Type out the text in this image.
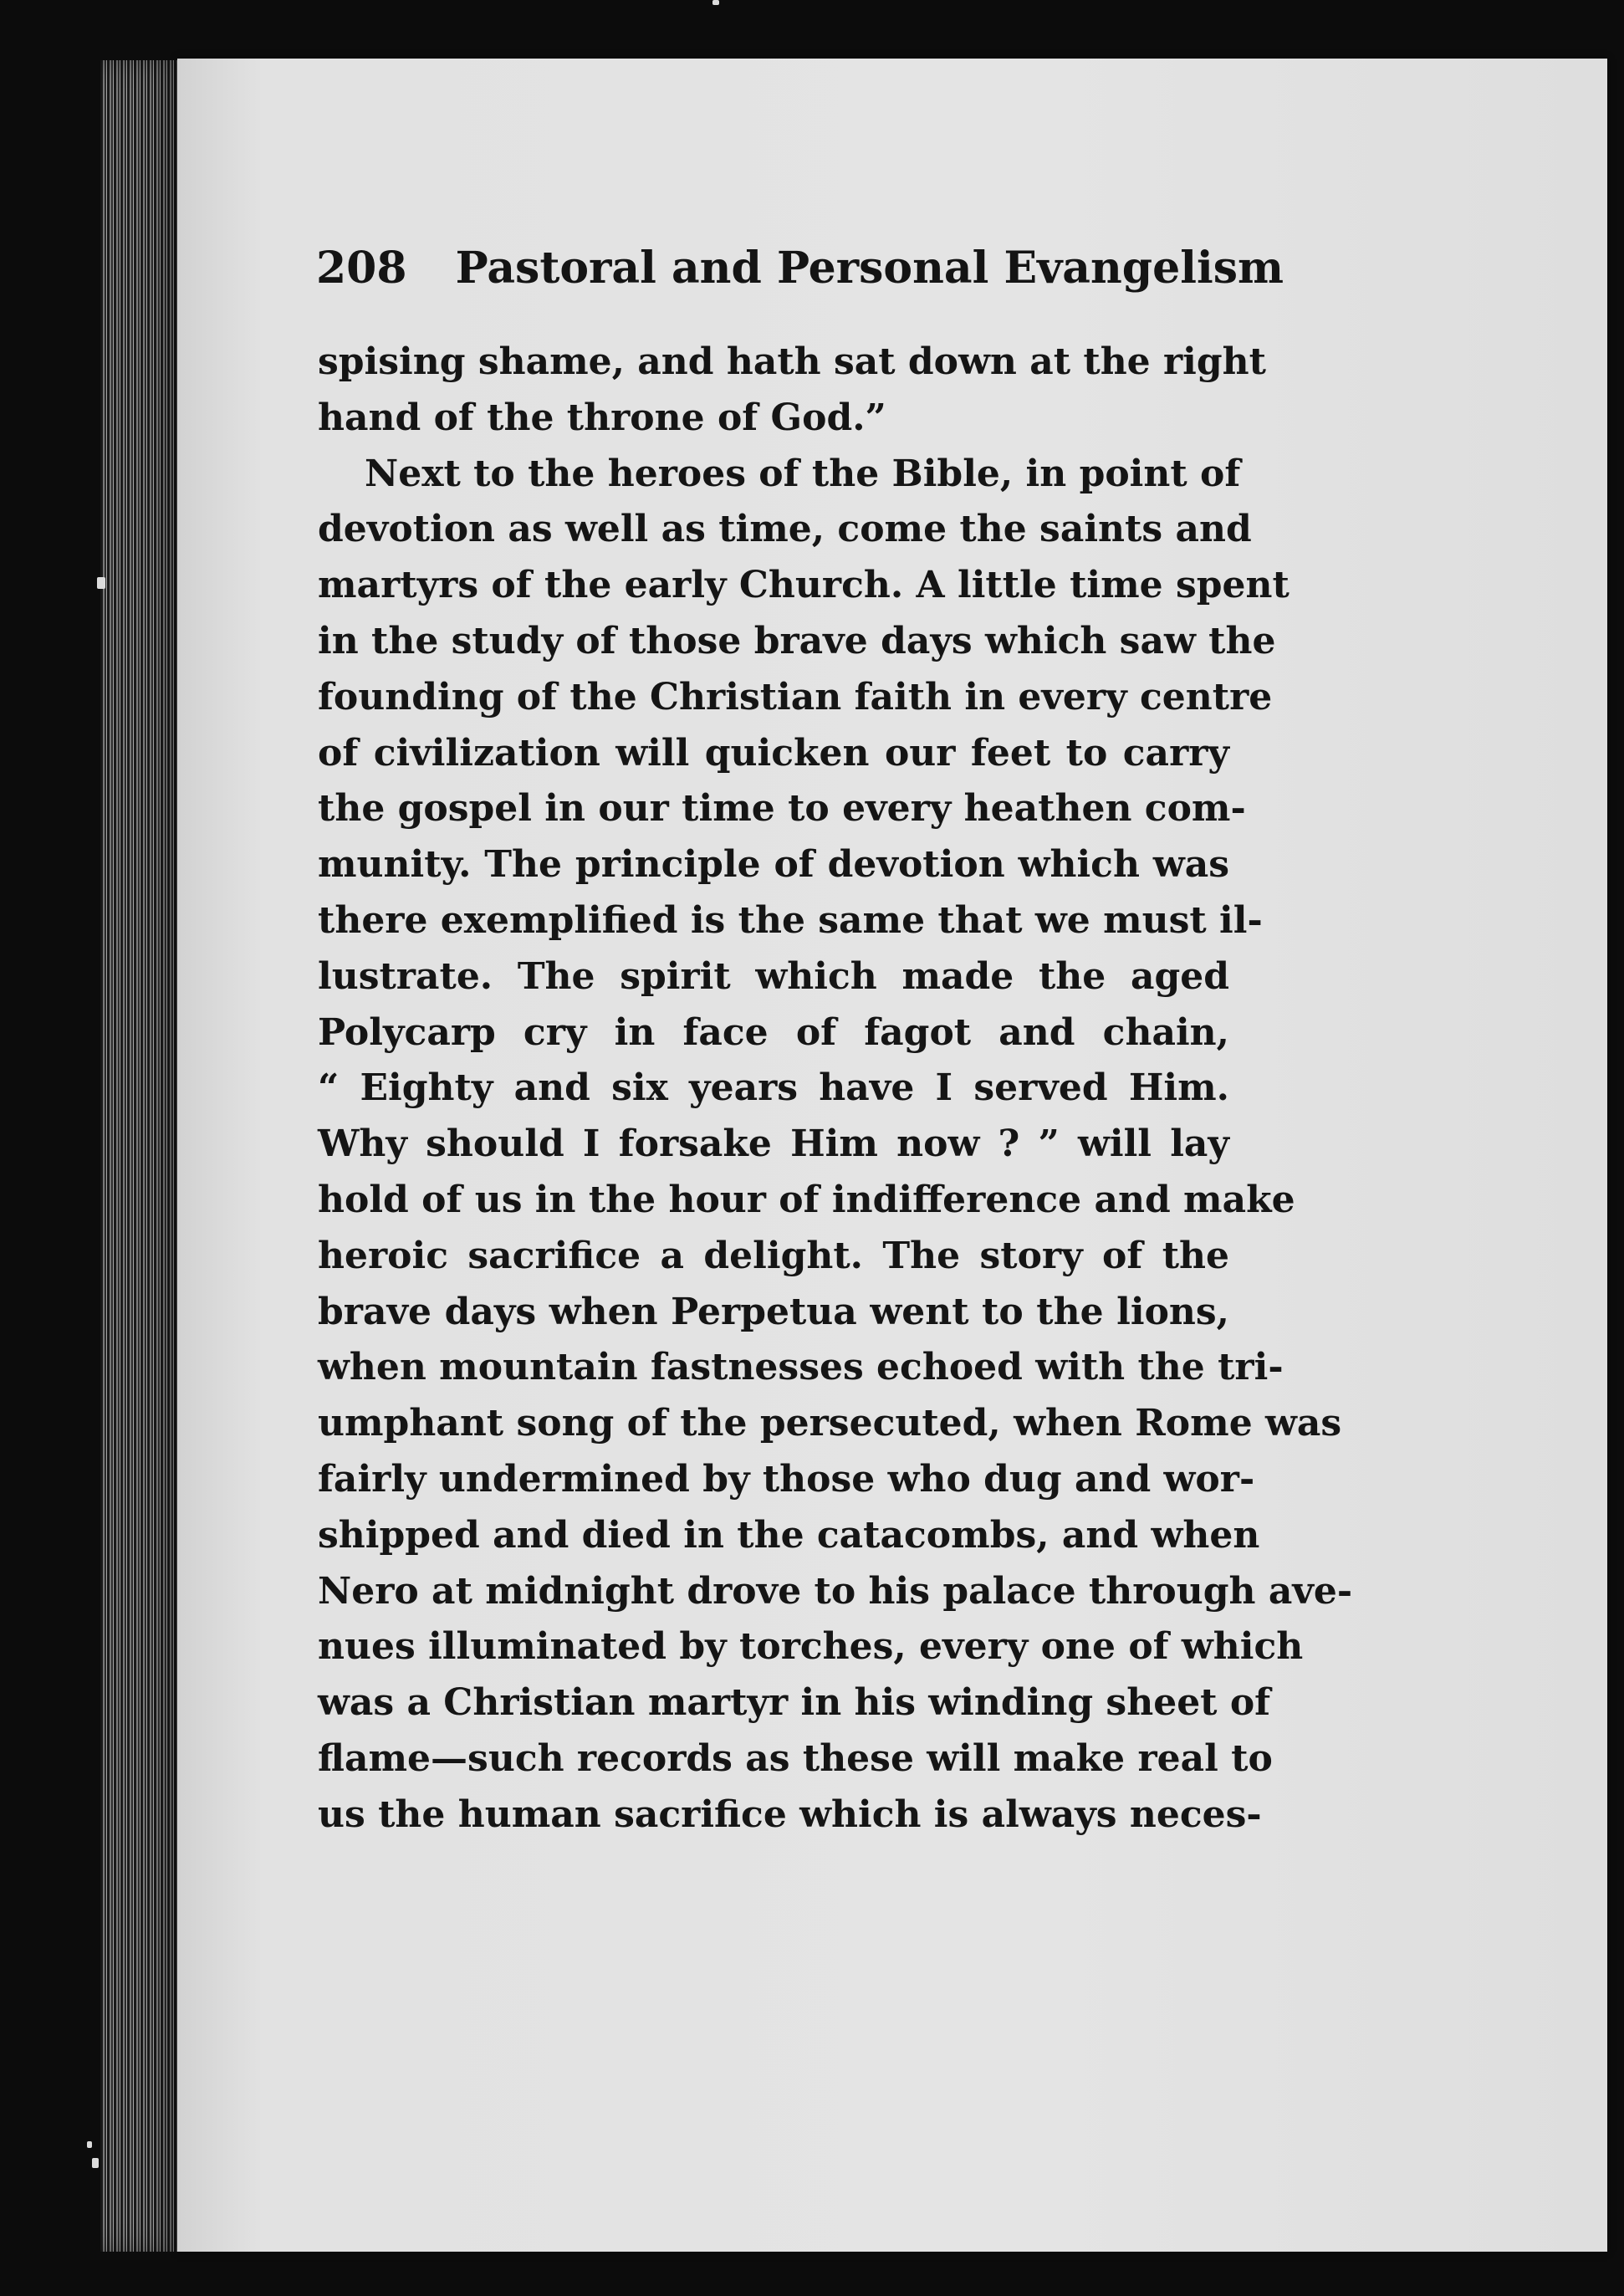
208 Pastoral and Personal Evangelism
spising shame, and hath sat down at the right
hand of the throne of God.”
Next to the heroes of the Bible, in point of
devotion as well as time, come the saints and
martyrs of the early Church. A little time spent
in the study of those brave days which saw the
founding of the Christian faith in every centre
of civilization will quicken our feet to carry
the gospel in our time to every heathen com-
munity. The principle of devotion which was
there exemplified is the same that we must il-
lustrate. The spirit which made the aged
Polycarp cry in face of fagot and chain,
“ Eighty and six years have I served Him.
Why should I forsake Him now ? ” will lay
hold of us in the hour of indifference and make
heroic sacrifice a delight. The story of the
brave days when Perpetua went to the lions,
when mountain fastnesses echoed with the tri-
umphant song of the persecuted, when Rome was
fairly undermined by those who dug and wor-
shipped and died in the catacombs, and when
Nero at midnight drove to his palace through ave-
nues illuminated by torches, every one of which
was a Christian martyr in his winding sheet of
flame—such records as these will make real to
us the human sacrifice which is always neces-
